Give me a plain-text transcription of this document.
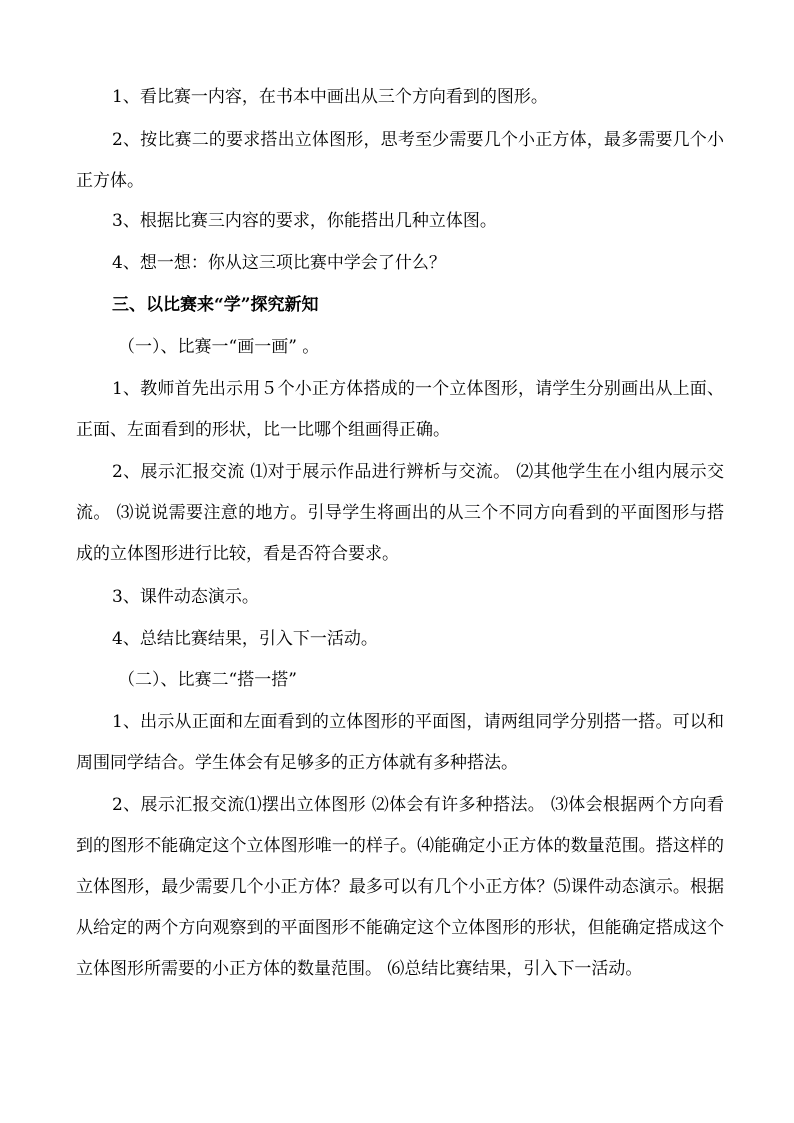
1、看比赛一内容，在书本中画出从三个方向看到的图形。

2、按比赛二的要求搭出立体图形，思考至少需要几个小正方体，最多需要几个小正方体。

3、根据比赛三内容的要求，你能搭出几种立体图。

4、想一想：你从这三项比赛中学会了什么？

三、以比赛来“学”探究新知

（一）、比赛一“画一画” 。

1、教师首先出示用５个小正方体搭成的一个立体图形，请学生分别画出从上面、正面、左面看到的形状，比一比哪个组画得正确。

2、展示汇报交流 ⑴对于展示作品进行辨析与交流。 ⑵其他学生在小组内展示交流。 ⑶说说需要注意的地方。引导学生将画出的从三个不同方向看到的平面图形与搭成的立体图形进行比较，看是否符合要求。

3、课件动态演示。

4、总结比赛结果，引入下一活动。

（二）、比赛二“搭一搭”

1、出示从正面和左面看到的立体图形的平面图，请两组同学分别搭一搭。可以和周围同学结合。学生体会有足够多的正方体就有多种搭法。

2、展示汇报交流⑴摆出立体图形 ⑵体会有许多种搭法。 ⑶体会根据两个方向看到的图形不能确定这个立体图形唯一的样子。⑷能确定小正方体的数量范围。搭这样的立体图形，最少需要几个小正方体？最多可以有几个小正方体？⑸课件动态演示。根据从给定的两个方向观察到的平面图形不能确定这个立体图形的形状，但能确定搭成这个立体图形所需要的小正方体的数量范围。 ⑹总结比赛结果，引入下一活动。
